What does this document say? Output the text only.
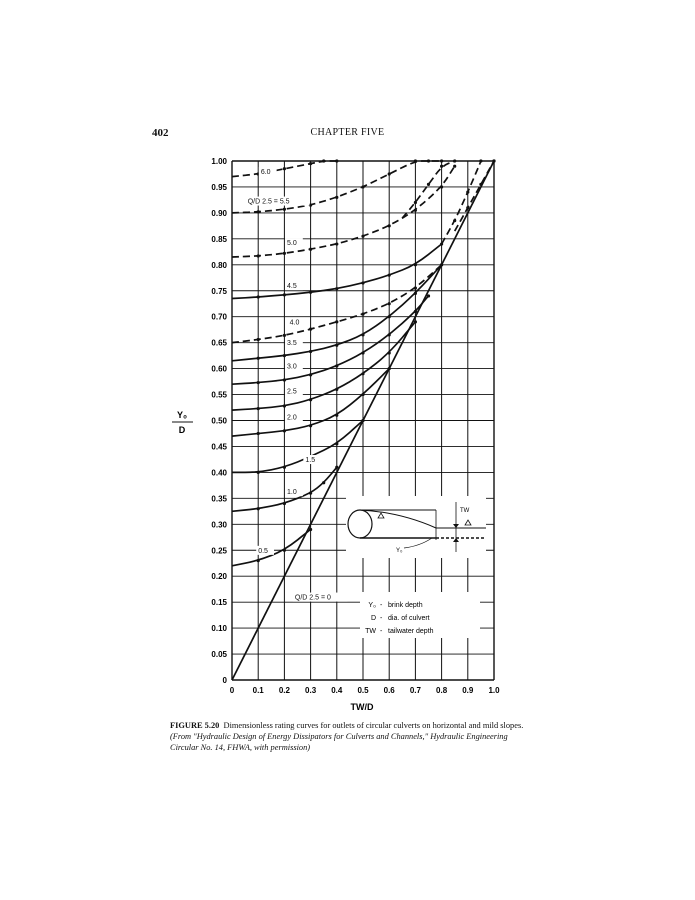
402	CHAPTER FIVE
0 0.1 0.2 0.3 0.4 0.5 0.6 0.7 0.8 0.9 1.0
0
0.05
0.10
0.15
0.20
0.25
0.30
0.35
0.40
0.45
0.50
0.55
0.60
0.65
0.70
0.75
0.80
0.85
0.90
0.95
1.00
Q/D 2.5 = 0
0.5
1.0
1.5
2.0
2.5
3.0
3.5
4.0
4.5
5.0
Q/D 2.5 = 5.5
6.0
TW/D
Y₀
D
TW
Y₀
Y₀ - brink depth
D - dia. of culvert
TW - tailwater depth
FIGURE 5.20 Dimensionless rating curves for outlets of circular culverts on horizontal and mild slopes. (From "Hydraulic Design of Energy Dissipators for Culverts and Channels," Hydraulic Engineering Circular No. 14, FHWA, with permission)
